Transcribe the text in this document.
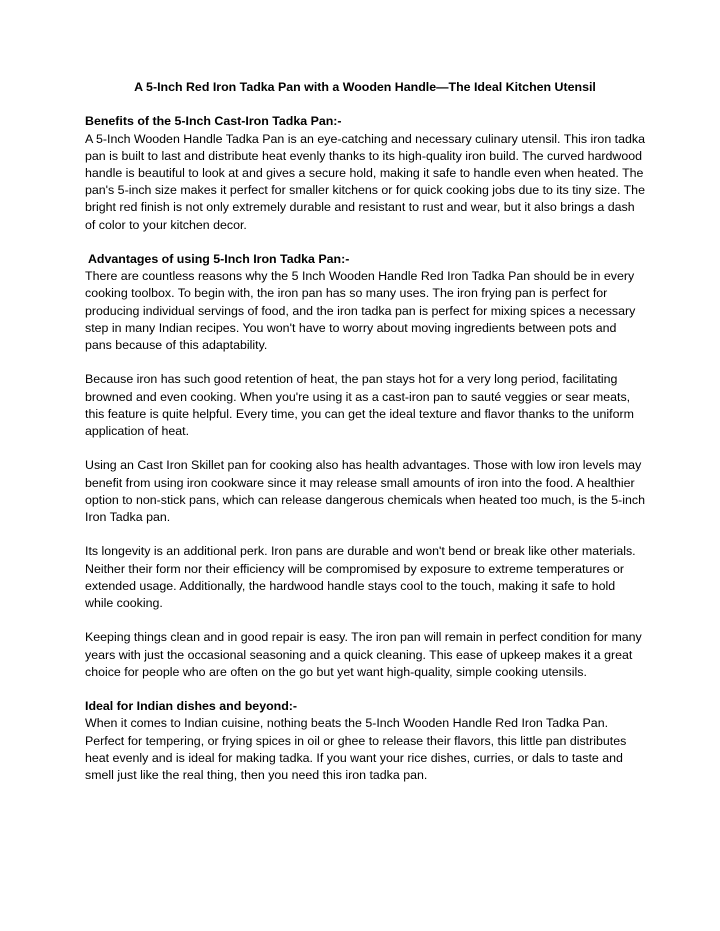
A 5-Inch Red Iron Tadka Pan with a Wooden Handle—The Ideal Kitchen Utensil
Benefits of the 5-Inch Cast-Iron Tadka Pan:-

A 5-Inch Wooden Handle Tadka Pan is an eye-catching and necessary culinary utensil. This iron tadka pan is built to last and distribute heat evenly thanks to its high-quality iron build. The curved hardwood handle is beautiful to look at and gives a secure hold, making it safe to handle even when heated. The pan's 5-inch size makes it perfect for smaller kitchens or for quick cooking jobs due to its tiny size. The bright red finish is not only extremely durable and resistant to rust and wear, but it also brings a dash of color to your kitchen decor.

Advantages of using 5-Inch Iron Tadka Pan:-

There are countless reasons why the 5 Inch Wooden Handle Red Iron Tadka Pan should be in every cooking toolbox. To begin with, the iron pan has so many uses. The iron frying pan is perfect for producing individual servings of food, and the iron tadka pan is perfect for mixing spices a necessary step in many Indian recipes. You won't have to worry about moving ingredients between pots and pans because of this adaptability.

Because iron has such good retention of heat, the pan stays hot for a very long period, facilitating browned and even cooking. When you're using it as a cast-iron pan to sauté veggies or sear meats, this feature is quite helpful. Every time, you can get the ideal texture and flavor thanks to the uniform application of heat.

Using an Cast Iron Skillet pan for cooking also has health advantages. Those with low iron levels may benefit from using iron cookware since it may release small amounts of iron into the food. A healthier option to non-stick pans, which can release dangerous chemicals when heated too much, is the 5-inch Iron Tadka pan.

Its longevity is an additional perk. Iron pans are durable and won't bend or break like other materials. Neither their form nor their efficiency will be compromised by exposure to extreme temperatures or extended usage. Additionally, the hardwood handle stays cool to the touch, making it safe to hold while cooking.

Keeping things clean and in good repair is easy. The iron pan will remain in perfect condition for many years with just the occasional seasoning and a quick cleaning. This ease of upkeep makes it a great choice for people who are often on the go but yet want high-quality, simple cooking utensils.

Ideal for Indian dishes and beyond:-

When it comes to Indian cuisine, nothing beats the 5-Inch Wooden Handle Red Iron Tadka Pan. Perfect for tempering, or frying spices in oil or ghee to release their flavors, this little pan distributes heat evenly and is ideal for making tadka. If you want your rice dishes, curries, or dals to taste and smell just like the real thing, then you need this iron tadka pan.
